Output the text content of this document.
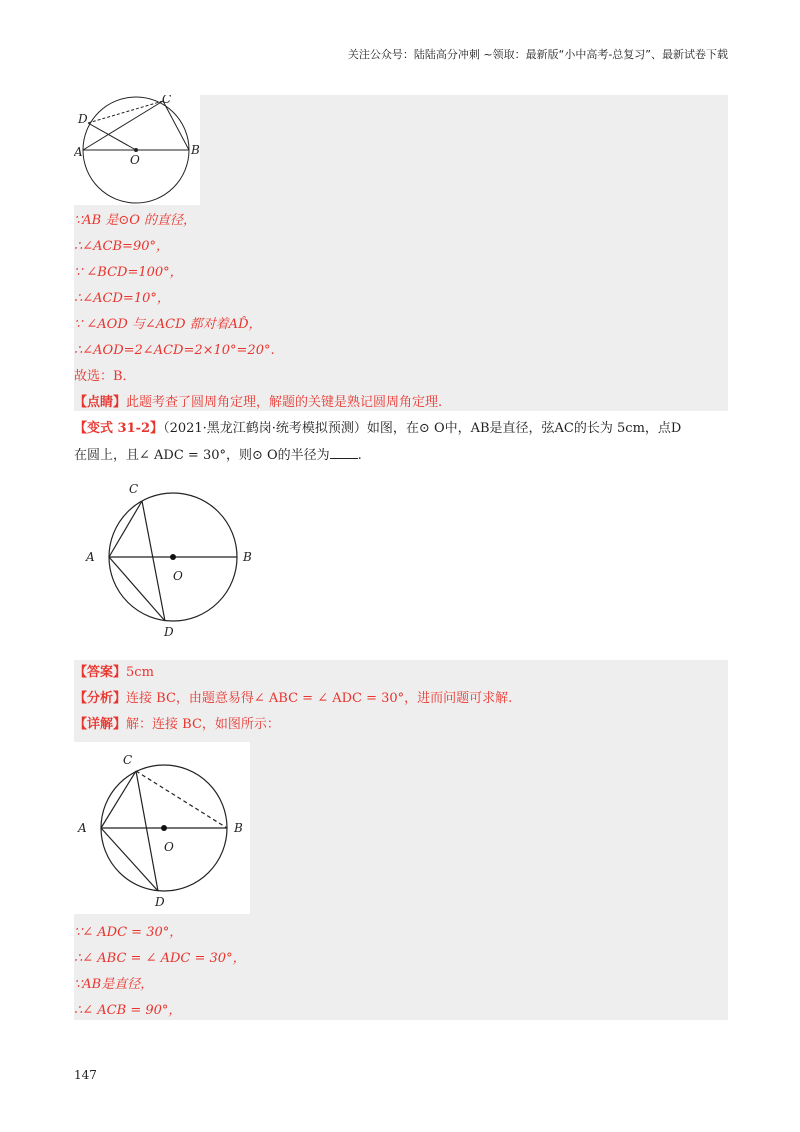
关注公众号：陆陆高分冲刺 ~领取：最新版“小中高考-总复习”、最新试卷下载
C
D
A	B
O
∵AB 是⊙O 的直径，
∴∠ACB=90°，
∵ ∠BCD=100°，
∴∠ACD=10°，
∵ ∠AOD 与∠ACD 都对着AD̂，
∴∠AOD=2∠ACD=2×10°=20°.
故选：B．
【点睛】此题考查了圆周角定理，解题的关键是熟记圆周角定理.
【变式 31-2】（2021·黑龙江鹤岗·统考模拟预测）如图，在⊙ O中，AB是直径，弦AC的长为 5cm，点D
在圆上，且∠ ADC = 30°，则⊙ O的半径为 .
C
A	B
O
D
【答案】5cm
【分析】连接 BC，由题意易得∠ ABC = ∠ ADC = 30°，进而问题可求解.
【详解】解：连接 BC，如图所示：
C
A	B
O
D
∵∠ ADC = 30°，
∴∠ ABC = ∠ ADC = 30°，
∵AB是直径，
∴∠ ACB = 90°，
147
